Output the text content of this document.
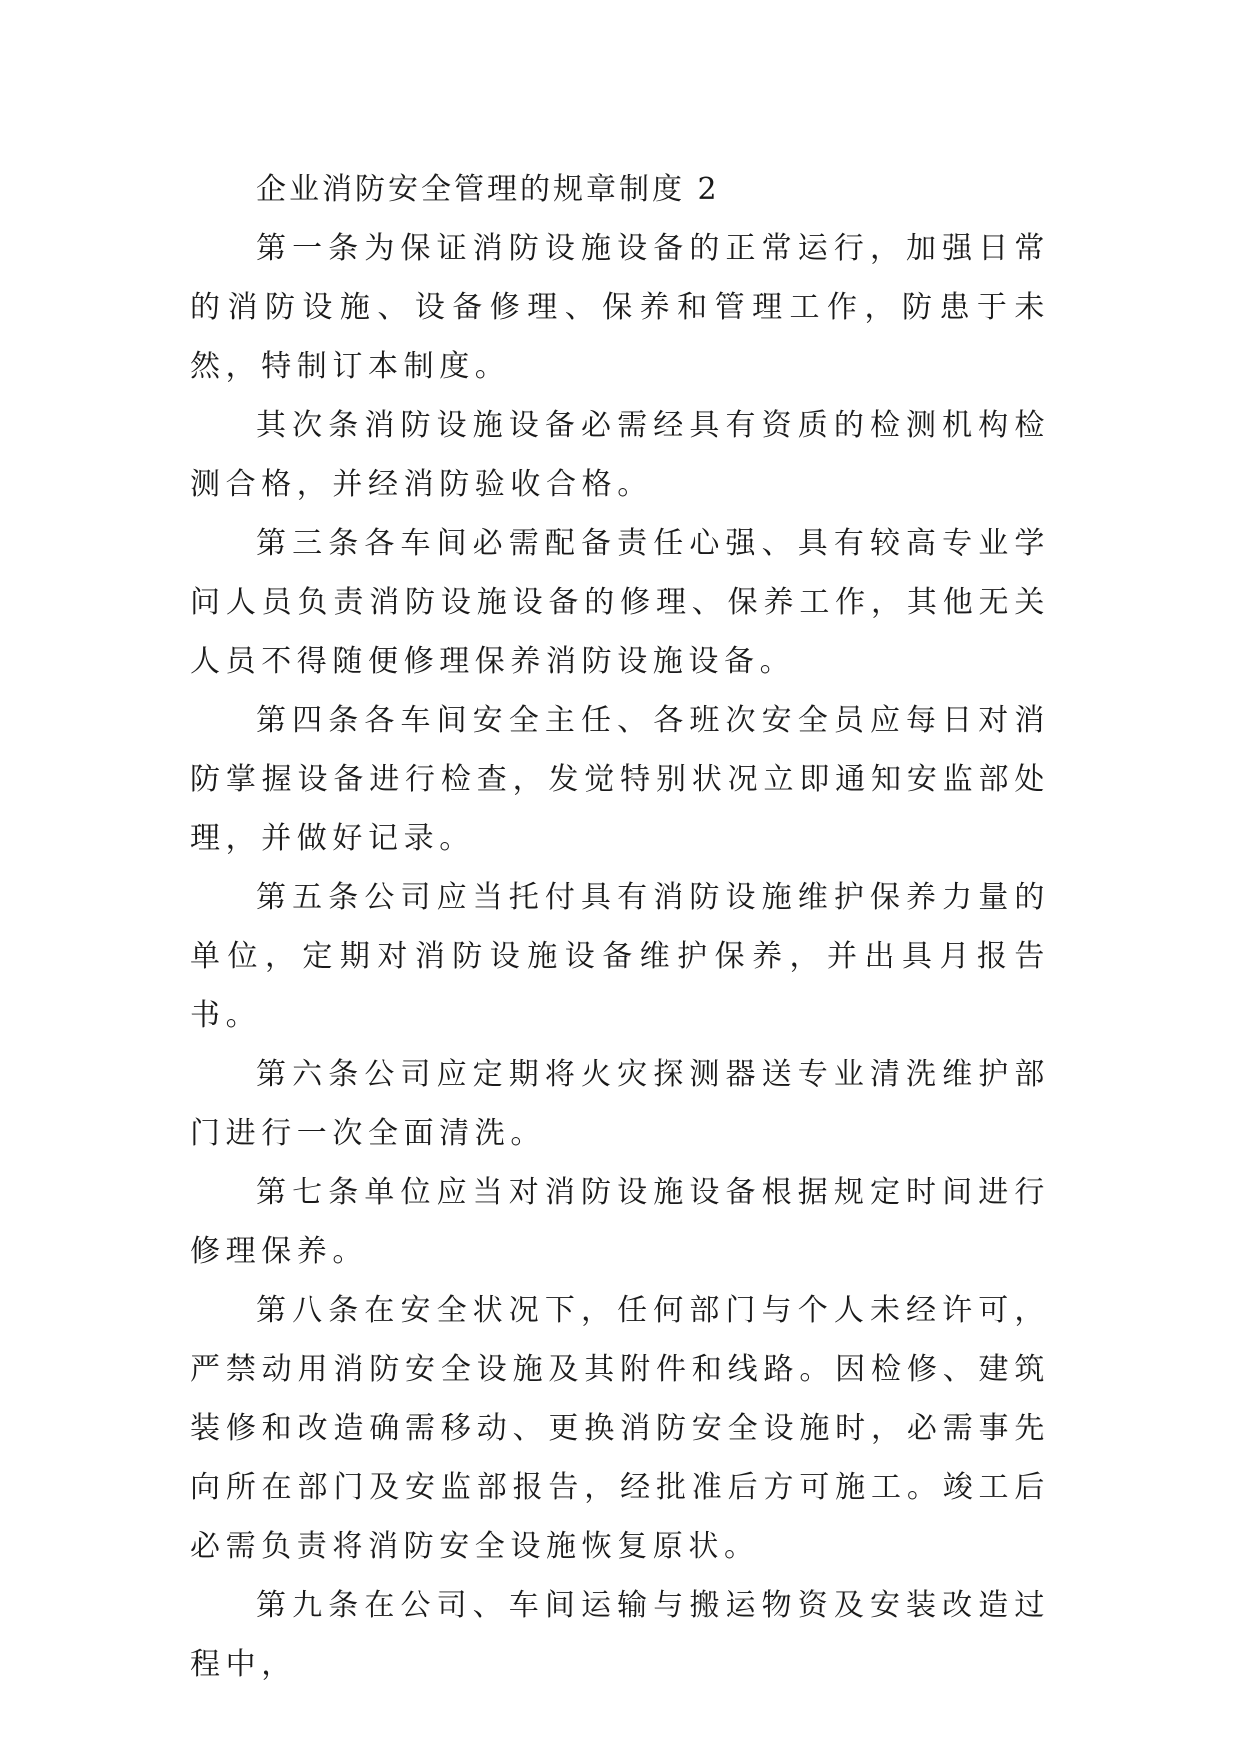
企业消防安全管理的规章制度 2

第一条为保证消防设施设备的正常运行，加强日常的消防设施、设备修理、保养和管理工作，防患于未然，特制订本制度。

其次条消防设施设备必需经具有资质的检测机构检测合格，并经消防验收合格。

第三条各车间必需配备责任心强、具有较高专业学问人员负责消防设施设备的修理、保养工作，其他无关人员不得随便修理保养消防设施设备。

第四条各车间安全主任、各班次安全员应每日对消防掌握设备进行检查，发觉特别状况立即通知安监部处理，并做好记录。

第五条公司应当托付具有消防设施维护保养力量的单位，定期对消防设施设备维护保养，并出具月报告书。

第六条公司应定期将火灾探测器送专业清洗维护部门进行一次全面清洗。

第七条单位应当对消防设施设备根据规定时间进行修理保养。

第八条在安全状况下，任何部门与个人未经许可，严禁动用消防安全设施及其附件和线路。因检修、建筑装修和改造确需移动、更换消防安全设施时，必需事先向所在部门及安监部报告，经批准后方可施工。竣工后必需负责将消防安全设施恢复原状。

第九条在公司、车间运输与搬运物资及安装改造过程中，
